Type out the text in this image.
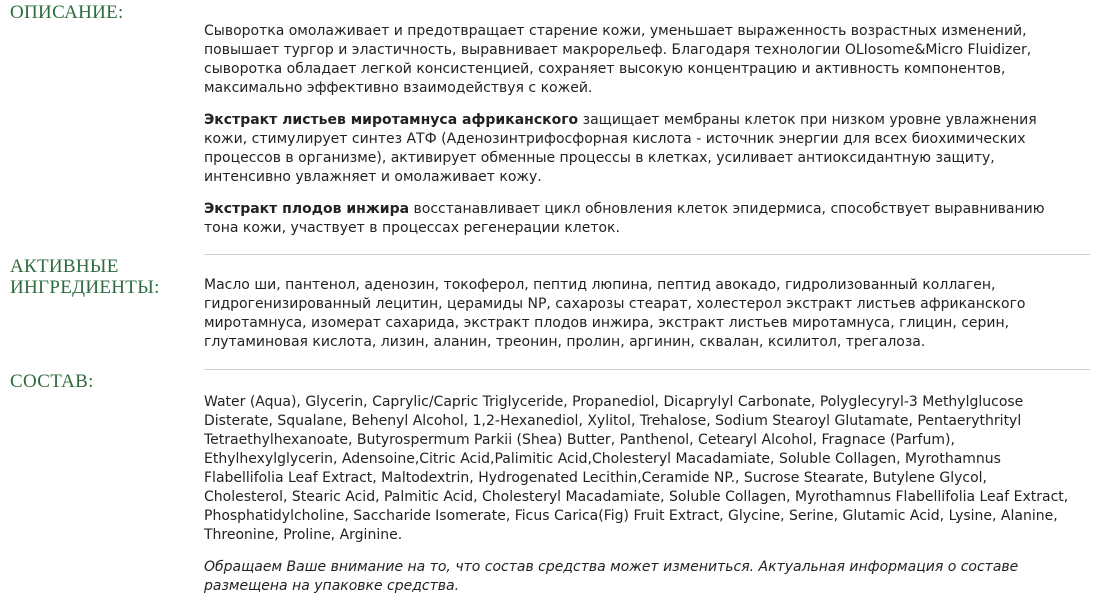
ОПИСАНИЕ:

Сыворотка омолаживает и предотвращает старение кожи, уменьшает выраженность возрастных изменений, повышает тургор и эластичность, выравнивает макрорельеф. Благодаря технологии OLIosome&Micro Fluidizer, сыворотка обладает легкой консистенцией, сохраняет высокую концентрацию и активность компонентов, максимально эффективно взаимодействуя с кожей.

Экстракт листьев миротамнуса африканского защищает мембраны клеток при низком уровне увлажнения кожи, стимулирует синтез АТФ (Аденозинтрифосфорная кислота - источник энергии для всех биохимических процессов в организме), активирует обменные процессы в клетках, усиливает антиоксидантную защиту, интенсивно увлажняет и омолаживает кожу.

Экстракт плодов инжира восстанавливает цикл обновления клеток эпидермиса, способствует выравниванию тона кожи, участвует в процессах регенерации клеток.

АКТИВНЫЕ ИНГРЕДИЕНТЫ:	Масло ши, пантенол, аденозин, токоферол, пептид люпина, пептид авокадо, гидролизованный коллаген, гидрогенизированный лецитин, церамиды NP, сахарозы стеарат, холестерол экстракт листьев африканского миротамнуса, изомерат сахарида, экстракт плодов инжира, экстракт листьев миротамнуса, глицин, серин, глутаминовая кислота, лизин, аланин, треонин, пролин, аргинин, сквалан, ксилитол, трегалоза.
СОСТАВ:

Water (Aqua), Glycerin, Caprylic/Capric Triglyceride, Propanediol, Dicaprylyl Carbonate, Polyglecyryl-3 Methylglucose Disterate, Squalane, Behenyl Alcohol, 1,2-Hexanediol, Xylitol, Trehalose, Sodium Stearoyl Glutamate, Pentaerythrityl Tetraethylhexanoate, Butyrospermum Parkii (Shea) Butter, Panthenol, Cetearyl Alcohol, Fragnace (Parfum), Ethylhexylglycerin, Adensoine,Citric Acid,Palimitic Acid,Cholesteryl Macadamiate, Soluble Collagen, Myrothamnus Flabellifolia Leaf Extract, Maltodextrin, Hydrogenated Lecithin,Ceramide NP., Sucrose Stearate, Butylene Glycol, Cholesterol, Stearic Acid, Palmitic Acid, Cholesteryl Macadamiate, Soluble Collagen, Myrothamnus Flabellifolia Leaf Extract, Phosphatidylcholine, Saccharide Isomerate, Ficus Carica(Fig) Fruit Extract, Glycine, Serine, Glutamic Acid, Lysine, Alanine, Threonine, Proline, Arginine.

Обращаем Ваше внимание на то, что состав средства может измениться. Актуальная информация о составе размещена на упаковке средства.
